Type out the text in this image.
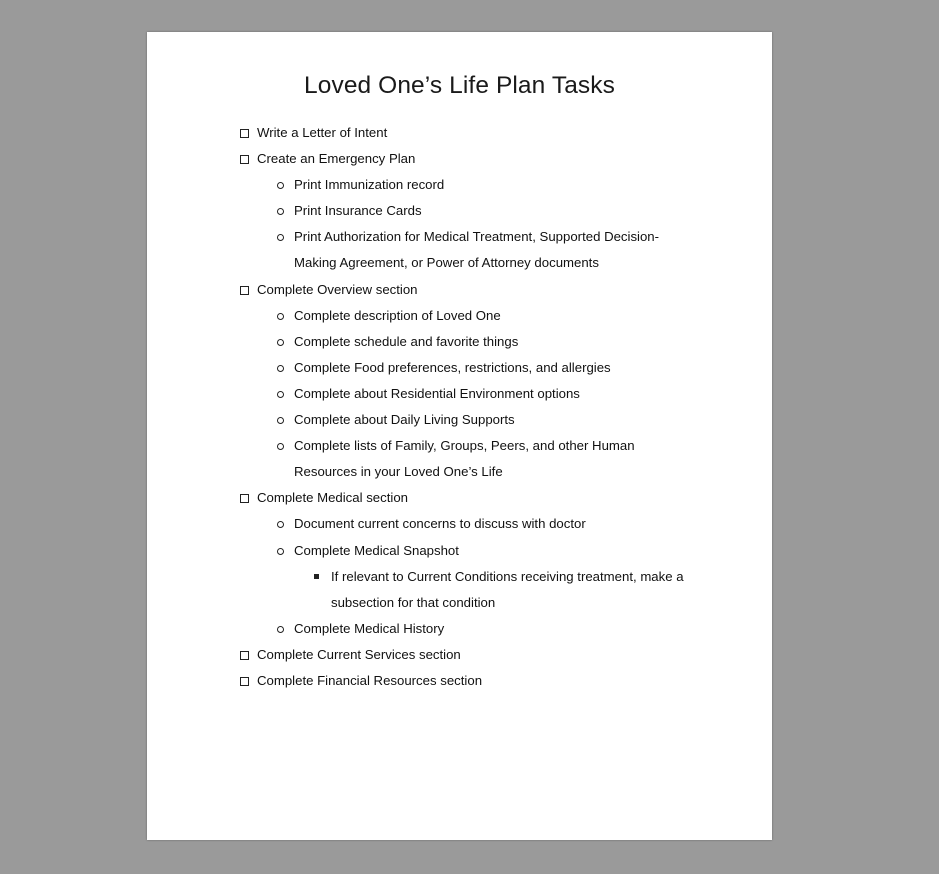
Loved One’s Life Plan Tasks
Write a Letter of Intent
Create an Emergency Plan
Print Immunization record
Print Insurance Cards
Print Authorization for Medical Treatment, Supported Decision-Making Agreement, or Power of Attorney documents
Complete Overview section
Complete description of Loved One
Complete schedule and favorite things
Complete Food preferences, restrictions, and allergies
Complete about Residential Environment options
Complete about Daily Living Supports
Complete lists of Family, Groups, Peers, and other Human Resources in your Loved One’s Life
Complete Medical section
Document current concerns to discuss with doctor
Complete Medical Snapshot
If relevant to Current Conditions receiving treatment, make a subsection for that condition
Complete Medical History
Complete Current Services section
Complete Financial Resources section
